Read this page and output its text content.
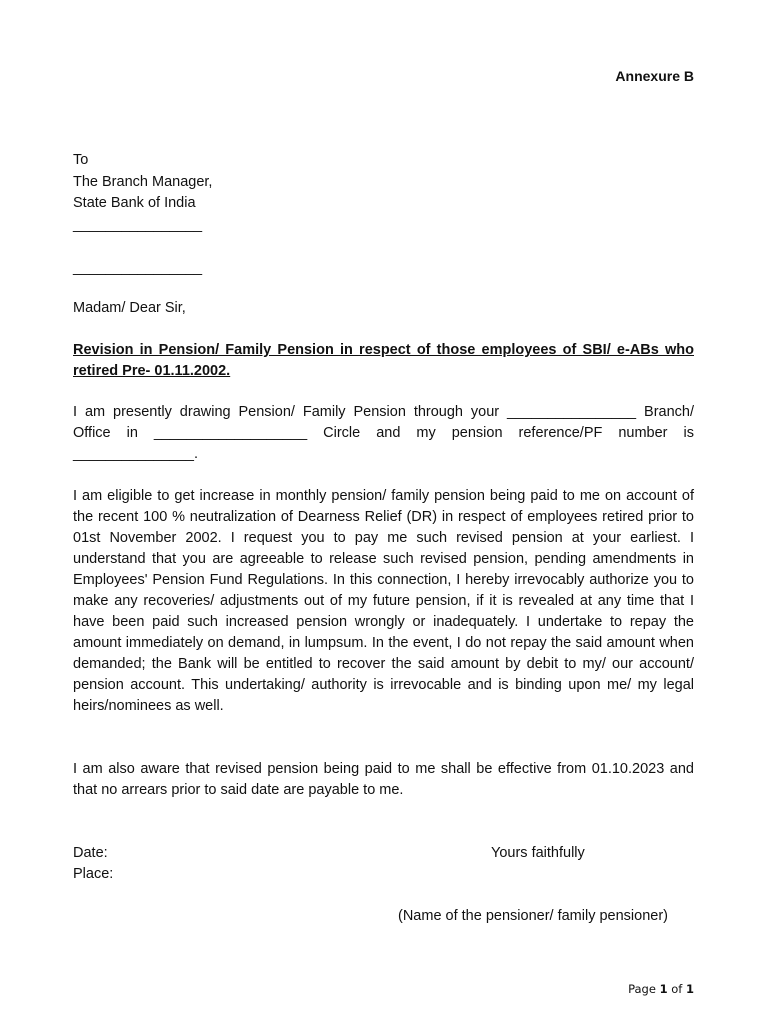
Annexure B
To
The Branch Manager,
State Bank of India
________________
________________
Madam/ Dear Sir,
Revision in Pension/ Family Pension in respect of those employees of SBI/ e-ABs who retired Pre- 01.11.2002.
I am presently drawing Pension/ Family Pension through your ________________ Branch/ Office in ___________________ Circle and my pension reference/PF number is _______________.
I am eligible to get increase in monthly pension/ family pension being paid to me on account of the recent 100 % neutralization of Dearness Relief (DR) in respect of employees retired prior to 01st November 2002. I request you to pay me such revised pension at your earliest. I understand that you are agreeable to release such revised pension, pending amendments in Employees' Pension Fund Regulations. In this connection, I hereby irrevocably authorize you to make any recoveries/ adjustments out of my future pension, if it is revealed at any time that I have been paid such increased pension wrongly or inadequately. I undertake to repay the amount immediately on demand, in lumpsum. In the event, I do not repay the said amount when demanded; the Bank will be entitled to recover the said amount by debit to my/ our account/ pension account. This undertaking/ authority is irrevocable and is binding upon me/ my legal heirs/nominees as well.
I am also aware that revised pension being paid to me shall be effective from 01.10.2023 and that no arrears prior to said date are payable to me.
Date:
Place:
Yours faithfully
(Name of the pensioner/ family pensioner)
Page 1 of 1
